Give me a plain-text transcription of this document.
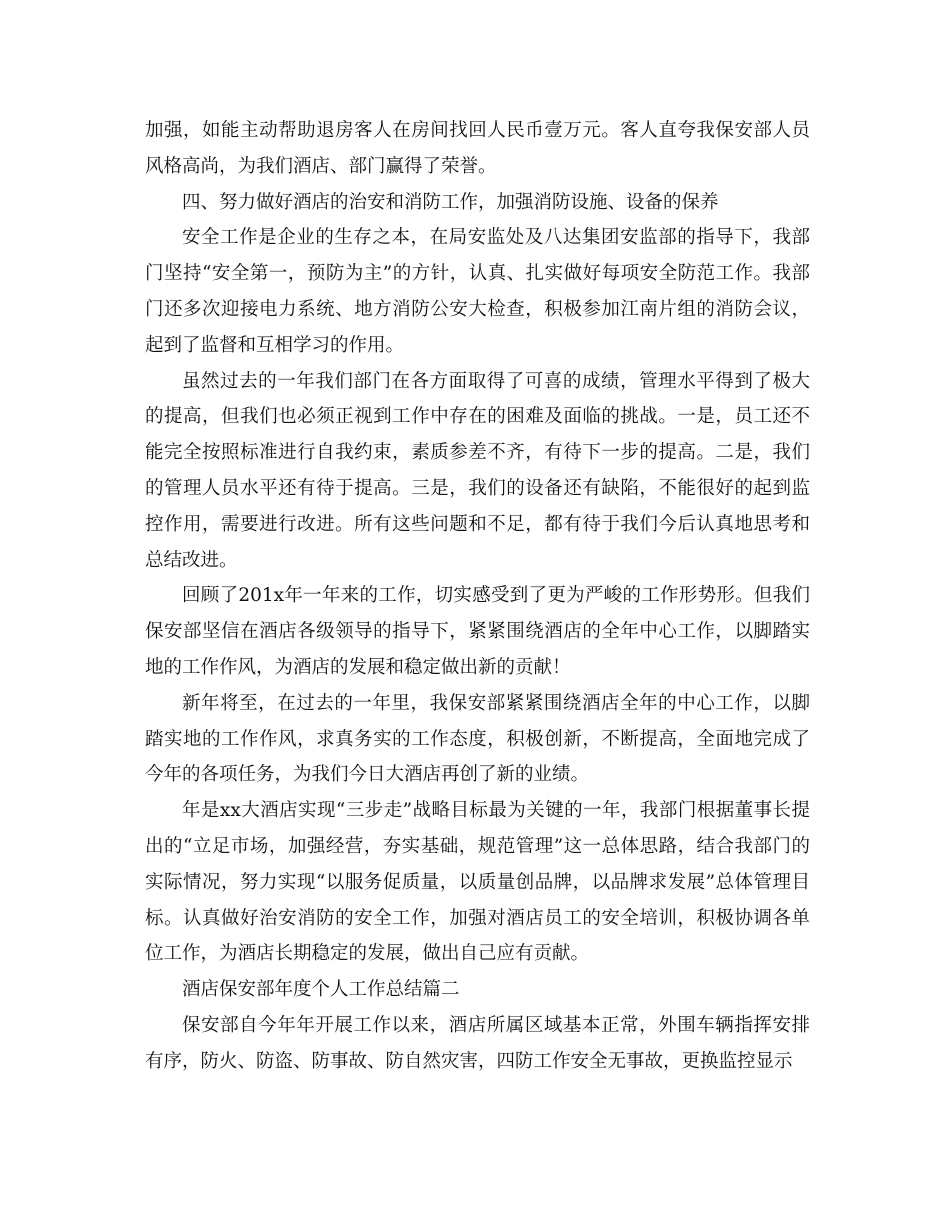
加强，如能主动帮助退房客人在房间找回人民币壹万元。客人直夸我保安部人员风格高尚，为我们酒店、部门赢得了荣誉。

四、努力做好酒店的治安和消防工作，加强消防设施、设备的保养

安全工作是企业的生存之本，在局安监处及八达集团安监部的指导下，我部门坚持“安全第一，预防为主”的方针，认真、扎实做好每项安全防范工作。我部门还多次迎接电力系统、地方消防公安大检查，积极参加江南片组的消防会议，起到了监督和互相学习的作用。

虽然过去的一年我们部门在各方面取得了可喜的成绩，管理水平得到了极大的提高，但我们也必须正视到工作中存在的困难及面临的挑战。一是，员工还不能完全按照标准进行自我约束，素质参差不齐，有待下一步的提高。二是，我们的管理人员水平还有待于提高。三是，我们的设备还有缺陷，不能很好的起到监控作用，需要进行改进。所有这些问题和不足，都有待于我们今后认真地思考和总结改进。

回顾了201x年一年来的工作，切实感受到了更为严峻的工作形势形。但我们保安部坚信在酒店各级领导的指导下，紧紧围绕酒店的全年中心工作，以脚踏实地的工作作风，为酒店的发展和稳定做出新的贡献！

新年将至，在过去的一年里，我保安部紧紧围绕酒店全年的中心工作，以脚踏实地的工作作风，求真务实的工作态度，积极创新，不断提高，全面地完成了今年的各项任务，为我们今日大酒店再创了新的业绩。

年是xx大酒店实现“三步走”战略目标最为关键的一年，我部门根据董事长提出的“立足市场，加强经营，夯实基础，规范管理”这一总体思路，结合我部门的实际情况，努力实现“以服务促质量，以质量创品牌，以品牌求发展”总体管理目标。认真做好治安消防的安全工作，加强对酒店员工的安全培训，积极协调各单位工作，为酒店长期稳定的发展，做出自己应有贡献。

酒店保安部年度个人工作总结篇二

保安部自今年年开展工作以来，酒店所属区域基本正常，外围车辆指挥安排有序，防火、防盗、防事故、防自然灾害，四防工作安全无事故，更换监控显示
